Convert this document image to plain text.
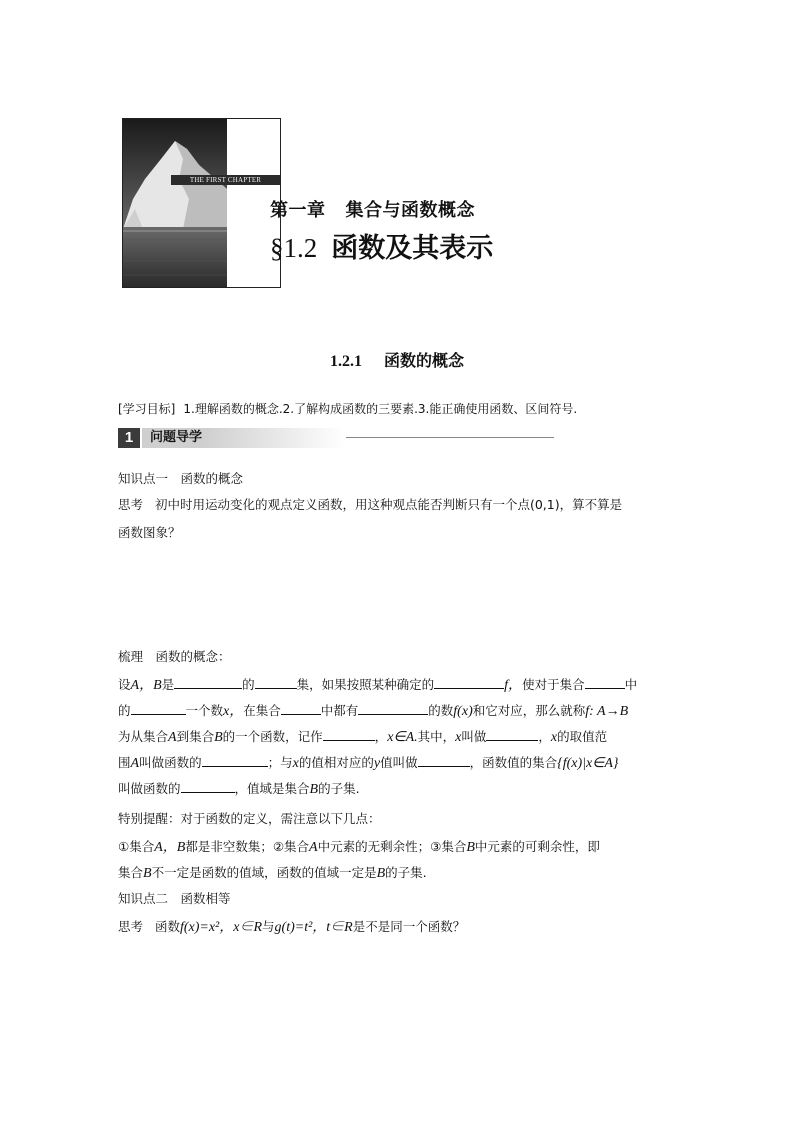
THE FIRST CHAPTER
第一章 集合与函数概念
§1.2 函数及其表示
1.2.1 函数的概念
[学习目标] 1.理解函数的概念.2.了解构成函数的三要素.3.能正确使用函数、区间符号.
1	问题导学
知识点一　函数的概念
思考 初中时用运动变化的观点定义函数，用这种观点能否判断只有一个点(0,1)，算不算是
函数图象？
梳理　函数的概念：
设A，B是	的	集，如果按照某种确定的	f，使对于集合	中
的	一个数x，在集合	中都有	的数f(x)和它对应，那么就称f: A→B
为从集合A到集合B的一个函数，记作	，x∈A.其中，x叫做	，x的取值范
围A叫做函数的	；与x的值相对应的y值叫做	，函数值的集合{f(x)|x∈A}
叫做函数的	，值域是集合B的子集.
特别提醒：对于函数的定义，需注意以下几点：
①集合A，B都是非空数集；②集合A中元素的无剩余性；③集合B中元素的可剩余性，即
集合B不一定是函数的值域，函数的值域一定是B的子集.
知识点二　函数相等
思考 函数f(x)=x²，x∈R与g(t)=t²，t∈R是不是同一个函数？
